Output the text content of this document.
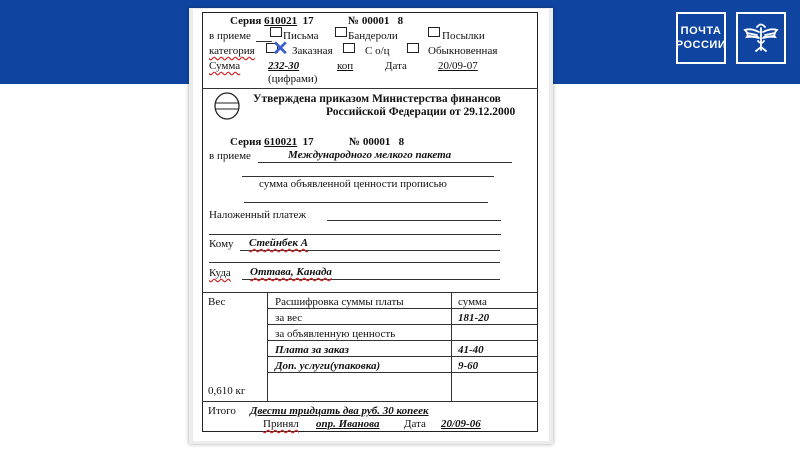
ПОЧТА
РОССИИ
Серия 610021 17	№ 00001 8
в приеме	Письма	Бандероли	Посылки
категория ✕ Заказная	С о/ц	Обыкновенная
Сумма	232-30	коп	Дата	20/09-07
(цифрами)
Утверждена приказом Министерства финансов
Российской Федерации от 29.12.2000
Серия 610021 17	№ 00001 8
в приеме	Международного мелкого пакета
сумма объявленной ценности прописью
Наложенный платеж
Кому Стейнбек А
Куда Оттава, Канада
Вес	Расшифровка суммы платы	сумма
за вес	181-20
за объявленную ценность
Плата за заказ	41-40
Доп. услуги(упаковка)	9-60
0,610 кг
Итого Двести тридцать два руб. 30 копеек
Принял опр. Иванова Дата 20/09-06
